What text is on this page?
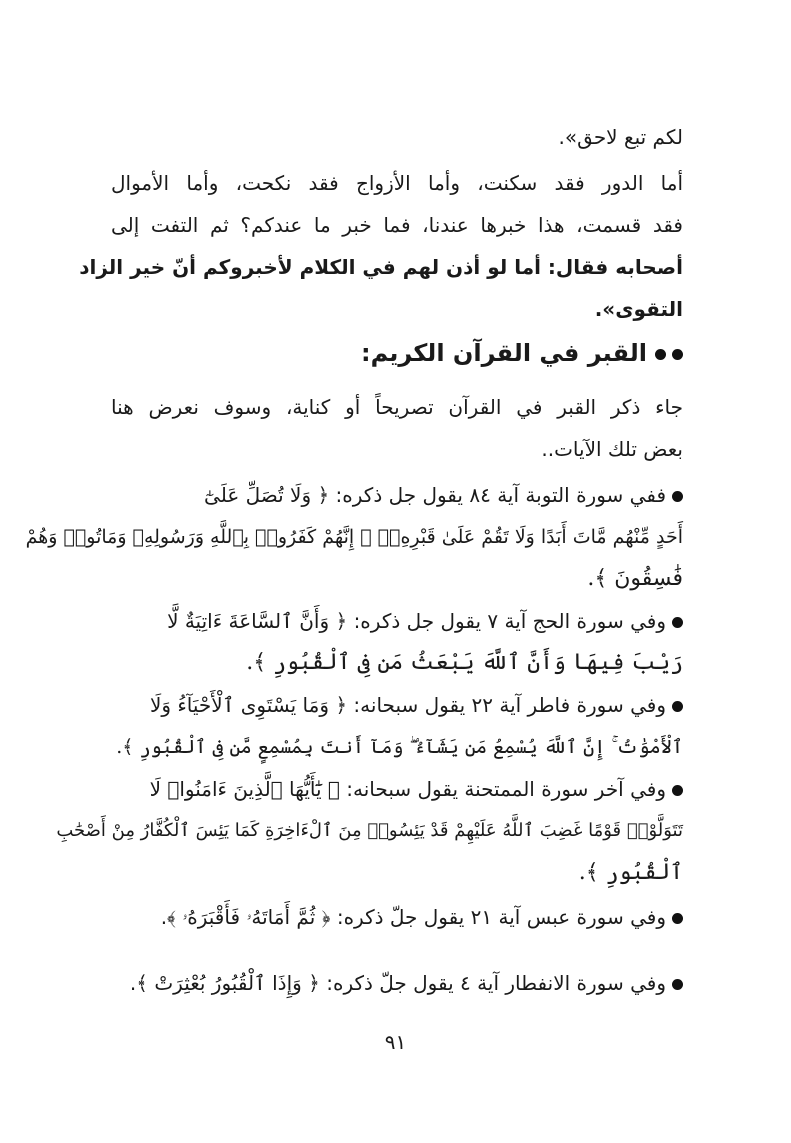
لكم تبع لاحق».
أما الدور فقد سكنت، وأما الأزواج فقد نكحت، وأما الأموال
فقد قسمت، هذا خبرها عندنا، فما خبر ما عندكم؟ ثم التفت إلى
أصحابه فقال: أما لو أذن لهم في الكلام لأخبروكم أنّ خير الزاد
التقوى».
القبر في القرآن الكريم:
جاء ذكر القبر في القرآن تصريحاً أو كناية، وسوف نعرض هنا
بعض تلك الآيات..
ففي سورة التوبة آية ٨٤ يقول جل ذكره: ﴿ وَلَا تُصَلِّ عَلَىٰٓ
أَحَدٍ مِّنْهُم مَّاتَ أَبَدًا وَلَا تَقُمْ عَلَىٰ قَبْرِهِۦٓ ۖ إِنَّهُمْ كَفَرُوا۟ بِٱللَّهِ وَرَسُولِهِۦ وَمَاتُوا۟ وَهُمْ
فَٰسِقُونَ ﴾.
وفي سورة الحج آية ٧ يقول جل ذكره: ﴿ وَأَنَّ ٱلسَّاعَةَ ءَاتِيَةٌ لَّا
رَيْبَ فِيهَا وَأَنَّ ٱللَّهَ يَبْعَثُ مَن فِى ٱلْقُبُورِ ﴾.
وفي سورة فاطر آية ٢٢ يقول سبحانه: ﴿ وَمَا يَسْتَوِى ٱلْأَحْيَآءُ وَلَا
ٱلْأَمْوَٰتُ ۚ إِنَّ ٱللَّهَ يُسْمِعُ مَن يَشَآءُ ۖ وَمَآ أَنتَ بِمُسْمِعٍ مَّن فِى ٱلْقُبُورِ ﴾.
وفي آخر سورة الممتحنة يقول سبحانه: ﴿ يَٰٓأَيُّهَا ٱلَّذِينَ ءَامَنُوا۟ لَا
تَتَوَلَّوْا۟ قَوْمًا غَضِبَ ٱللَّهُ عَلَيْهِمْ قَدْ يَئِسُوا۟ مِنَ ٱلْءَاخِرَةِ كَمَا يَئِسَ ٱلْكُفَّارُ مِنْ أَصْحَٰبِ
ٱلْقُبُورِ ﴾.
وفي سورة عبس آية ٢١ يقول جلّ ذكره: ﴿ ثُمَّ أَمَاتَهُۥ فَأَقْبَرَهُۥ ﴾.
وفي سورة الانفطار آية ٤ يقول جلّ ذكره: ﴿ وَإِذَا ٱلْقُبُورُ بُعْثِرَتْ ﴾.
٩١
